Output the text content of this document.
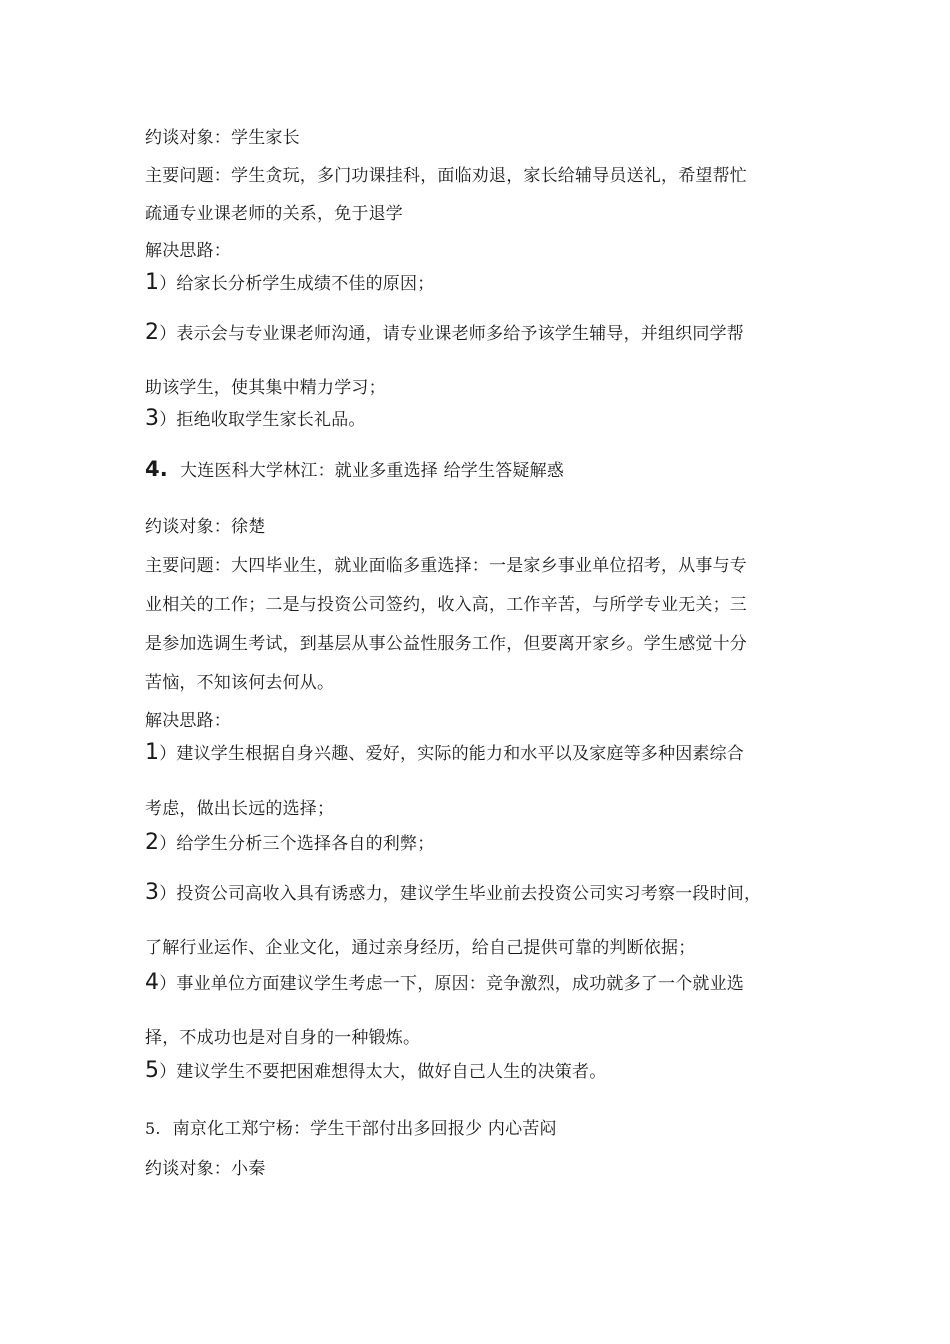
约谈对象：学生家长
主要问题：学生贪玩，多门功课挂科，面临劝退，家长给辅导员送礼，希望帮忙
疏通专业课老师的关系，免于退学
解决思路：
1）给家长分析学生成绩不佳的原因；
2）表示会与专业课老师沟通，请专业课老师多给予该学生辅导，并组织同学帮
助该学生，使其集中精力学习；
3）拒绝收取学生家长礼品。
4. 大连医科大学林江：就业多重选择 给学生答疑解惑
约谈对象：徐楚
主要问题：大四毕业生，就业面临多重选择：一是家乡事业单位招考，从事与专
业相关的工作；二是与投资公司签约，收入高，工作辛苦，与所学专业无关；三
是参加选调生考试，到基层从事公益性服务工作，但要离开家乡。学生感觉十分
苦恼，不知该何去何从。
解决思路：
1）建议学生根据自身兴趣、爱好，实际的能力和水平以及家庭等多种因素综合
考虑，做出长远的选择；
2）给学生分析三个选择各自的利弊；
3）投资公司高收入具有诱惑力，建议学生毕业前去投资公司实习考察一段时间，
了解行业运作、企业文化，通过亲身经历，给自己提供可靠的判断依据；
4）事业单位方面建议学生考虑一下，原因：竞争激烈，成功就多了一个就业选
择，不成功也是对自身的一种锻炼。
5）建议学生不要把困难想得太大，做好自己人生的决策者。
5. 南京化工郑宁杨：学生干部付出多回报少 内心苦闷
约谈对象：小秦
